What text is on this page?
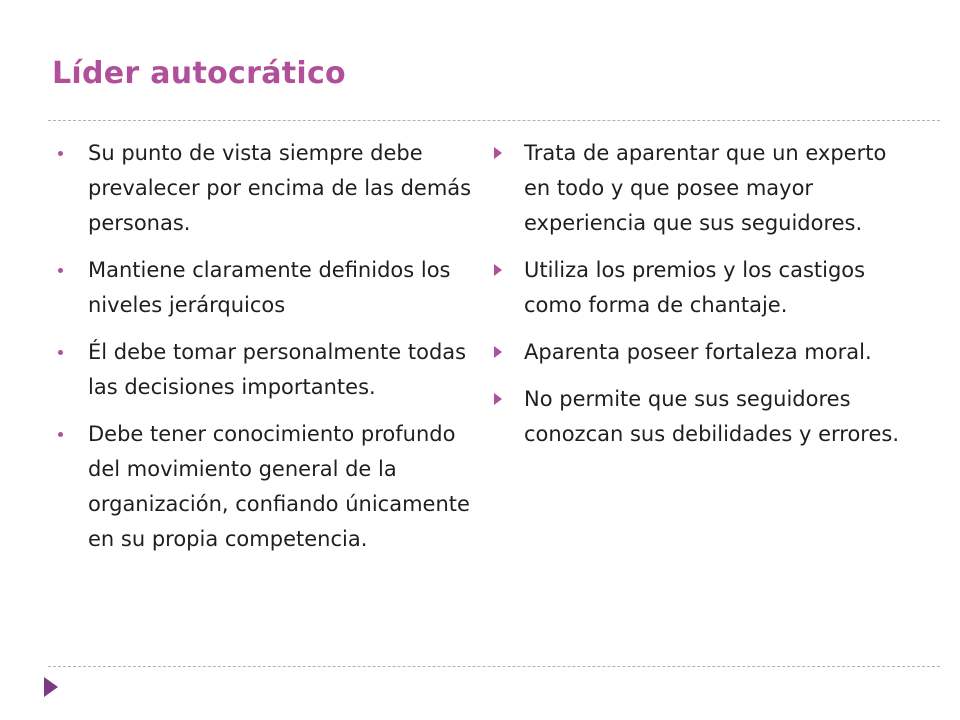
Líder autocrático
Su punto de vista siempre debe prevalecer por encima de las demás personas.
Mantiene claramente definidos los niveles jerárquicos
Él debe tomar personalmente todas las decisiones importantes.
Debe tener conocimiento profundo del movimiento general de la organización, confiando únicamente en su propia competencia.
Trata de aparentar que un experto en todo y que posee mayor experiencia que sus seguidores.
Utiliza los premios y los castigos como forma de chantaje.
Aparenta poseer fortaleza moral.
No permite que sus seguidores conozcan sus debilidades y errores.
